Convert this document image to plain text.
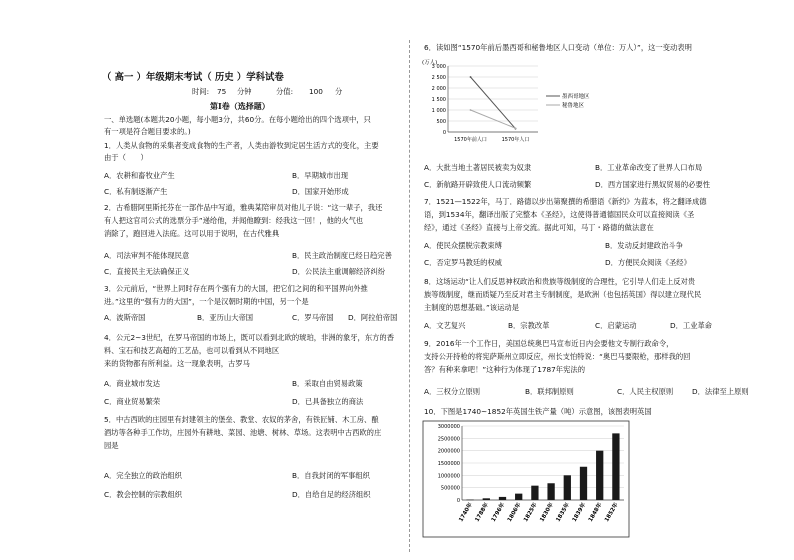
（ 高一 ）年级期末考试（ 历史 ）学科试卷
时间: 75 分钟	分值: 100 分
第Ⅰ卷（选择题）
一、单选题(本题共20小题，每小题3分，共60分。在每小题给出的四个选项中，只
有一项是符合题目要求的。)
1．人类从食物的采集者变成食物的生产者，人类由游牧到定居生活方式的变化，主要
由于（　　）
A．农耕和畜牧业产生	B．早期城市出现
C．私有制逐渐产生	D．国家开始形成
2．古希腊阿里斯托芬在一部作品中写道，雅典某陪审员对他儿子说：“这一辈子，我还
有人把这官司公式的选票分手”递给他，并闻他瞭到：经我这一回！，他的火气也
消除了，跑回进入法庭。这可以用于说明，在古代雅典
A．司法审判不能体现民意	B．民主政治制度已经日趋完善
C．直接民主无法确保正义	D．公民法主重调解经济纠纷
3．公元前后，“世界上同时存在两个强有力的大国，把它们之间的和平国界向外推
进。”这里的“强有力的大国”，一个是汉朝时期的中国，另一个是
A．波斯帝国	B．亚历山大帝国	C．罗马帝国 D．阿拉伯帝国
4．公元2~3世纪，在罗马帝国的市场上，既可以看到北欧的琥珀，非洲的象牙，东方的香
料、宝石和技艺高超的工艺品，也可以看到从不同地区
来的货物都有所利益。这一现象表明，古罗马
A．商业城市发达	B．采取自由贸易政策
C．商业贸易繁荣	D．已具备独立的商法
5．中古西欧的庄园里有封建领主的堡垒、教堂、农奴的茅舍，有铁匠铺、木工房、酿
酒坊等各种手工作坊，庄园外有耕地、菜园、池塘、树林、草场。这表明中古西欧的庄
园是
A．完全独立的政治组织	B．自我封闭的军事组织
C．教会控制的宗教组织	D．自给自足的经济组织
6．读如图“1570年前后墨西哥和秘鲁地区人口变动（单位：万人）”，这一变动表明
(万人)
3 000
2 500
2 000
1 500
1 000
500
0
1570年前人口	1570年人口
墨西哥地区
秘鲁地区
A．大批当地土著居民被卖为奴隶	B．工业革命改变了世界人口布局
C．新航路开辟致使人口流动频繁	D．西方国家进行黑奴贸易的必要性
7．1521—1522年，马丁．路德以步出第聚撰的希腊语《新约》为蓝本，将之翻译成德
语，到1534年，翻译出版了完整本《圣经》，这使得普通德国民众可以直接阅读《圣
经》，通过《圣经》直接与上帝交流。据此可知，马丁・路德的做法意在
A．使民众摆脱宗教束缚	B．发动反封建政治斗争
C．否定罗马教廷的权威	D．方便民众阅读《圣经》
8．这场运动“让人们反思神权政治和贵族等级制度的合理性，它引导人们走上反对贵
族等级制度，继而质疑乃至反对君主专制制度，是欧洲（也包括英国）得以建立现代民
主制度的思想基础。”该运动是
A．文艺复兴	B．宗教改革	C．启蒙运动	D．工业革命
9．2016年一个工作日，美国总统奥巴马宣布近日内会要他文专制行政命令，
支持公开持枪的将宪萨斯州立即反应，州长支怕特说：“奥巴马要限枪，那样我的回
答？有种来拿吧！”这种行为体现了1787年宪法的
A．三权分立原则	B．联邦制原则	C．人民主权原则	D．法律至上原则
10．下图是1740~1852年英国生铁产量（吨）示意图，该图表明英国
3000000
2500000
2000000
1500000
1000000
500000
0
1740年 1788年 1796年 1806年 1825年 1830年 1835年 1839年 1848年 1852年
